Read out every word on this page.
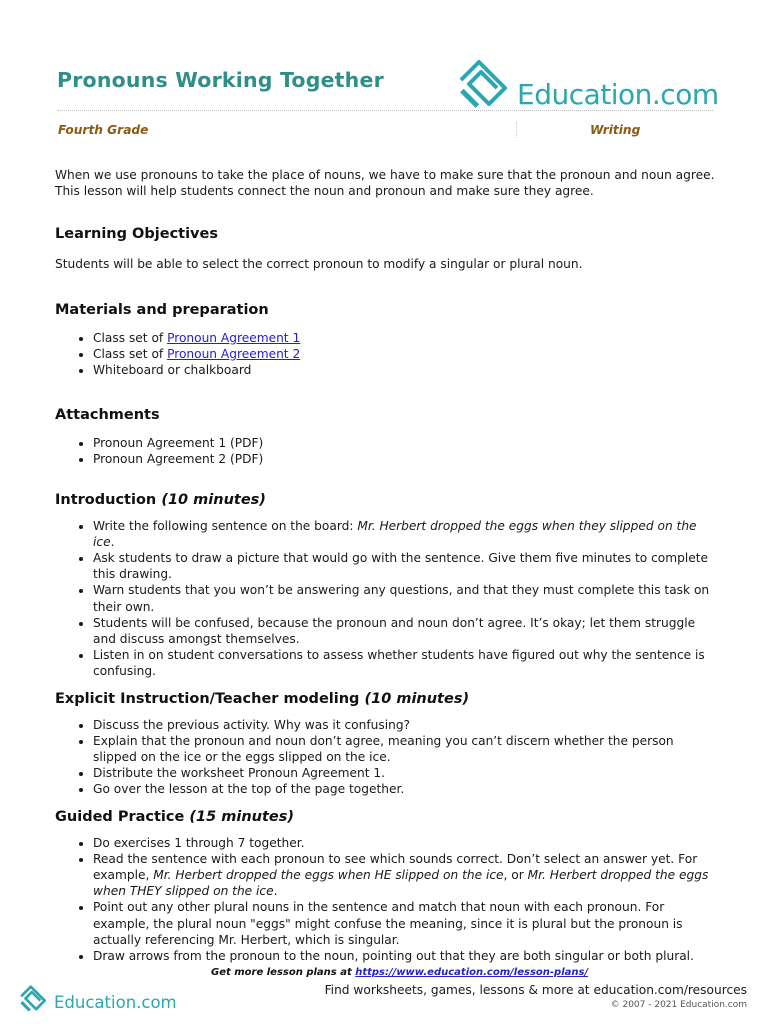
Pronouns Working Together	Education.com
Fourth Grade	Writing

When we use pronouns to take the place of nouns, we have to make sure that the pronoun and noun agree. This lesson will help students connect the noun and pronoun and make sure they agree.

Learning Objectives

Students will be able to select the correct pronoun to modify a singular or plural noun.

Materials and preparation
• Class set of Pronoun Agreement 1
• Class set of Pronoun Agreement 2
• Whiteboard or chalkboard
Attachments
• Pronoun Agreement 1 (PDF)
• Pronoun Agreement 2 (PDF)
Introduction (10 minutes)
• Write the following sentence on the board: Mr. Herbert dropped the eggs when they slipped on the ice.
• Ask students to draw a picture that would go with the sentence. Give them five minutes to complete this drawing.
• Warn students that you won’t be answering any questions, and that they must complete this task on their own.
• Students will be confused, because the pronoun and noun don’t agree. It’s okay; let them struggle and discuss amongst themselves.
• Listen in on student conversations to assess whether students have figured out why the sentence is confusing.
Explicit Instruction/Teacher modeling (10 minutes)
• Discuss the previous activity. Why was it confusing?
• Explain that the pronoun and noun don’t agree, meaning you can’t discern whether the person slipped on the ice or the eggs slipped on the ice.
• Distribute the worksheet Pronoun Agreement 1.
• Go over the lesson at the top of the page together.
Guided Practice (15 minutes)
• Do exercises 1 through 7 together.
• Read the sentence with each pronoun to see which sounds correct. Don’t select an answer yet. For example, Mr. Herbert dropped the eggs when HE slipped on the ice, or Mr. Herbert dropped the eggs when THEY slipped on the ice.
• Point out any other plural nouns in the sentence and match that noun with each pronoun. For example, the plural noun "eggs" might confuse the meaning, since it is plural but the pronoun is actually referencing Mr. Herbert, which is singular.
• Draw arrows from the pronoun to the noun, pointing out that they are both singular or both plural.
Get more lesson plans at https://www.education.com/lesson-plans/
Education.com
Find worksheets, games, lessons & more at education.com/resources
© 2007 - 2021 Education.com
